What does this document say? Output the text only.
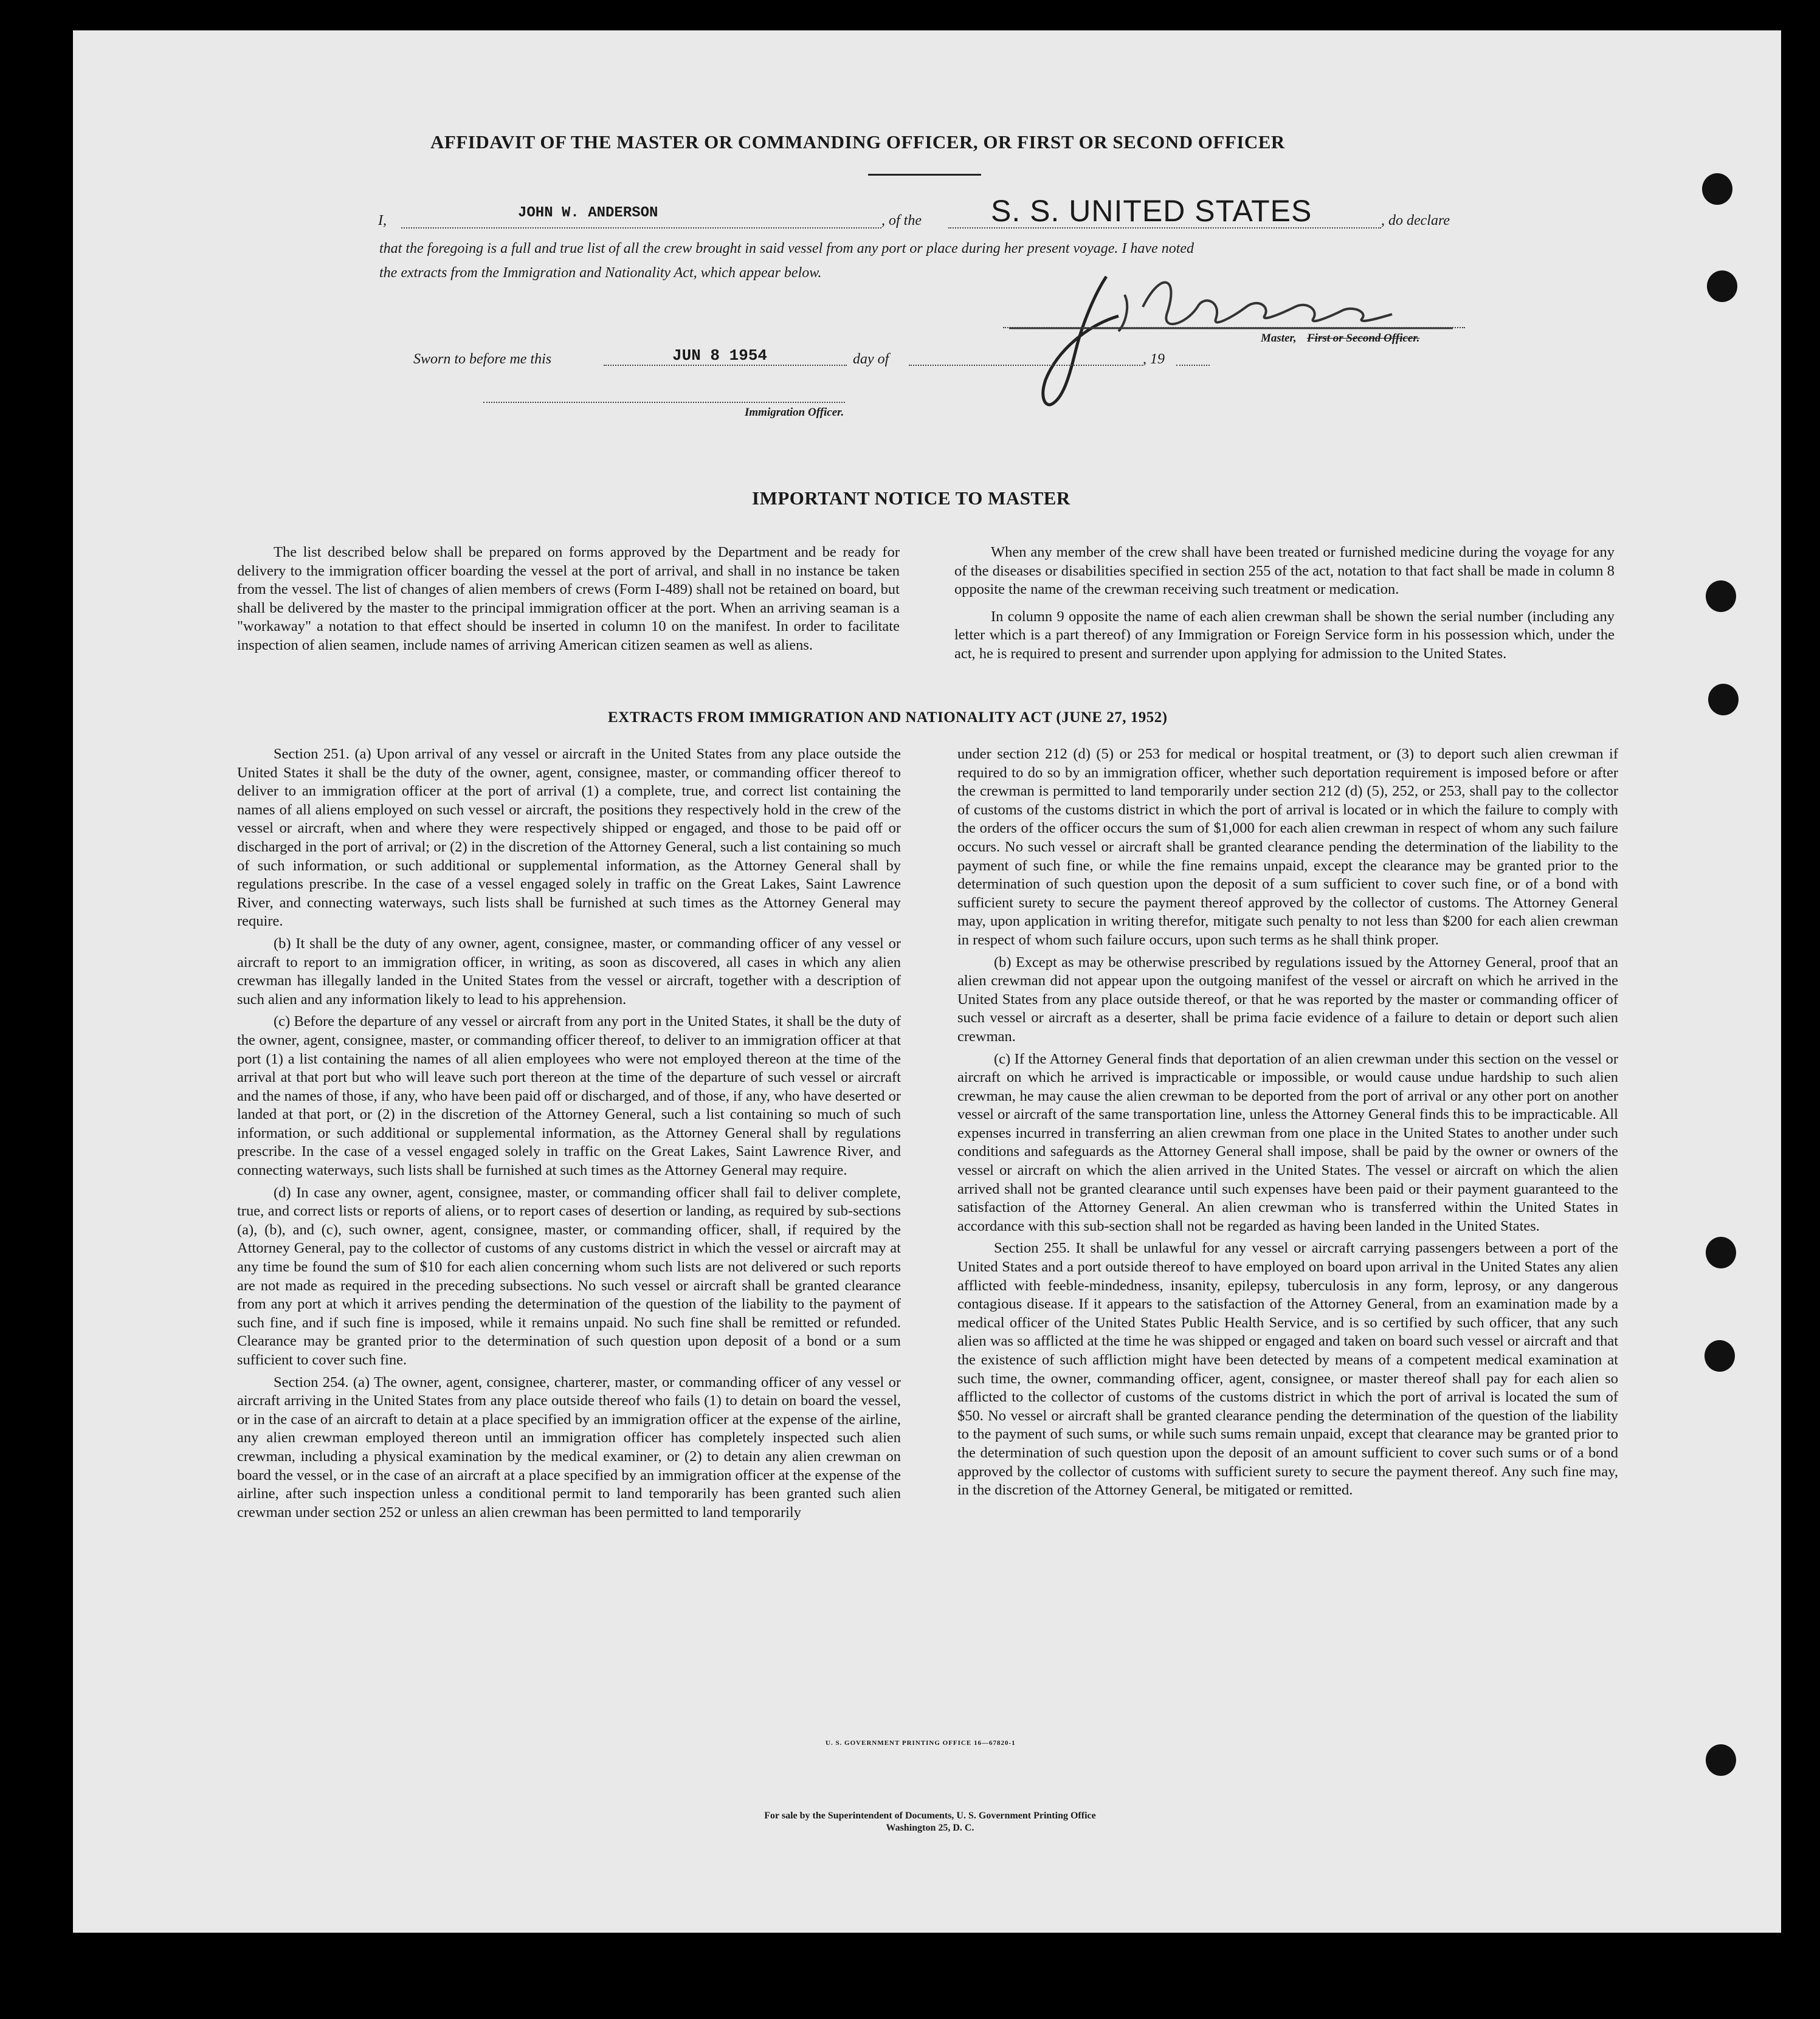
AFFIDAVIT OF THE MASTER OR COMMANDING OFFICER, OR FIRST OR SECOND OFFICER
I,	JOHN W. ANDERSON	, of the S. S. UNITED STATES	, do declare
that the foregoing is a full and true list of all the crew brought in said vessel from any port or place during her present voyage. I have noted
the extracts from the Immigration and Nationality Act, which appear below.
Master, First or Second Officer.
Sworn to before me this	JUN 8 1954	day of	, 19
Immigration Officer.
IMPORTANT NOTICE TO MASTER

The list described below shall be prepared on forms approved by the Department and be ready for delivery to the immigration officer boarding the vessel at the port of arrival, and shall in no instance be taken from the vessel. The list of changes of alien members of crews (Form I-489) shall not be retained on board, but shall be delivered by the master to the principal immigration officer at the port. When an arriving seaman is a "workaway" a notation to that effect should be inserted in column 10 on the manifest. In order to facilitate inspection of alien seamen, include names of arriving American citizen seamen as well as aliens.

When any member of the crew shall have been treated or furnished medicine during the voyage for any of the diseases or disabilities specified in section 255 of the act, notation to that fact shall be made in column 8 opposite the name of the crewman receiving such treatment or medication.

In column 9 opposite the name of each alien crewman shall be shown the serial number (including any letter which is a part thereof) of any Immigration or Foreign Service form in his possession which, under the act, he is required to present and surrender upon applying for admission to the United States.

EXTRACTS FROM IMMIGRATION AND NATIONALITY ACT (JUNE 27, 1952)

Section 251. (a) Upon arrival of any vessel or aircraft in the United States from any place outside the United States it shall be the duty of the owner, agent, consignee, master, or commanding officer thereof to deliver to an immigration officer at the port of arrival (1) a complete, true, and correct list containing the names of all aliens employed on such vessel or aircraft, the positions they respectively hold in the crew of the vessel or aircraft, when and where they were respectively shipped or engaged, and those to be paid off or discharged in the port of arrival; or (2) in the discretion of the Attorney General, such a list containing so much of such information, or such additional or supplemental information, as the Attorney General shall by regulations prescribe. In the case of a vessel engaged solely in traffic on the Great Lakes, Saint Lawrence River, and connecting waterways, such lists shall be furnished at such times as the Attorney General may require.

(b) It shall be the duty of any owner, agent, consignee, master, or commanding officer of any vessel or aircraft to report to an immigration officer, in writing, as soon as discovered, all cases in which any alien crewman has illegally landed in the United States from the vessel or aircraft, together with a description of such alien and any information likely to lead to his apprehension.

(c) Before the departure of any vessel or aircraft from any port in the United States, it shall be the duty of the owner, agent, consignee, master, or commanding officer thereof, to deliver to an immigration officer at that port (1) a list containing the names of all alien employees who were not employed thereon at the time of the arrival at that port but who will leave such port thereon at the time of the departure of such vessel or aircraft and the names of those, if any, who have been paid off or discharged, and of those, if any, who have deserted or landed at that port, or (2) in the discretion of the Attorney General, such a list containing so much of such information, or such additional or supplemental information, as the Attorney General shall by regulations prescribe. In the case of a vessel engaged solely in traffic on the Great Lakes, Saint Lawrence River, and connecting waterways, such lists shall be furnished at such times as the Attorney General may require.

(d) In case any owner, agent, consignee, master, or commanding officer shall fail to deliver complete, true, and correct lists or reports of aliens, or to report cases of desertion or landing, as required by sub-sections (a), (b), and (c), such owner, agent, consignee, master, or commanding officer, shall, if required by the Attorney General, pay to the collector of customs of any customs district in which the vessel or aircraft may at any time be found the sum of $10 for each alien concerning whom such lists are not delivered or such reports are not made as required in the preceding subsections. No such vessel or aircraft shall be granted clearance from any port at which it arrives pending the determination of the question of the liability to the payment of such fine, and if such fine is imposed, while it remains unpaid. No such fine shall be remitted or refunded. Clearance may be granted prior to the determination of such question upon deposit of a bond or a sum sufficient to cover such fine.

Section 254. (a) The owner, agent, consignee, charterer, master, or commanding officer of any vessel or aircraft arriving in the United States from any place outside thereof who fails (1) to detain on board the vessel, or in the case of an aircraft to detain at a place specified by an immigration officer at the expense of the airline, any alien crewman employed thereon until an immigration officer has completely inspected such alien crewman, including a physical examination by the medical examiner, or (2) to detain any alien crewman on board the vessel, or in the case of an aircraft at a place specified by an immigration officer at the expense of the airline, after such inspection unless a conditional permit to land temporarily has been granted such alien crewman under section 252 or unless an alien crewman has been permitted to land temporarily

under section 212 (d) (5) or 253 for medical or hospital treatment, or (3) to deport such alien crewman if required to do so by an immigration officer, whether such deportation requirement is imposed before or after the crewman is permitted to land temporarily under section 212 (d) (5), 252, or 253, shall pay to the collector of customs of the customs district in which the port of arrival is located or in which the failure to comply with the orders of the officer occurs the sum of $1,000 for each alien crewman in respect of whom any such failure occurs. No such vessel or aircraft shall be granted clearance pending the determination of the liability to the payment of such fine, or while the fine remains unpaid, except the clearance may be granted prior to the determination of such question upon the deposit of a sum sufficient to cover such fine, or of a bond with sufficient surety to secure the payment thereof approved by the collector of customs. The Attorney General may, upon application in writing therefor, mitigate such penalty to not less than $200 for each alien crewman in respect of whom such failure occurs, upon such terms as he shall think proper.

(b) Except as may be otherwise prescribed by regulations issued by the Attorney General, proof that an alien crewman did not appear upon the outgoing manifest of the vessel or aircraft on which he arrived in the United States from any place outside thereof, or that he was reported by the master or commanding officer of such vessel or aircraft as a deserter, shall be prima facie evidence of a failure to detain or deport such alien crewman.

(c) If the Attorney General finds that deportation of an alien crewman under this section on the vessel or aircraft on which he arrived is impracticable or impossible, or would cause undue hardship to such alien crewman, he may cause the alien crewman to be deported from the port of arrival or any other port on another vessel or aircraft of the same transportation line, unless the Attorney General finds this to be impracticable. All expenses incurred in transferring an alien crewman from one place in the United States to another under such conditions and safeguards as the Attorney General shall impose, shall be paid by the owner or owners of the vessel or aircraft on which the alien arrived in the United States. The vessel or aircraft on which the alien arrived shall not be granted clearance until such expenses have been paid or their payment guaranteed to the satisfaction of the Attorney General. An alien crewman who is transferred within the United States in accordance with this sub-section shall not be regarded as having been landed in the United States.

Section 255. It shall be unlawful for any vessel or aircraft carrying passengers between a port of the United States and a port outside thereof to have employed on board upon arrival in the United States any alien afflicted with feeble-mindedness, insanity, epilepsy, tuberculosis in any form, leprosy, or any dangerous contagious disease. If it appears to the satisfaction of the Attorney General, from an examination made by a medical officer of the United States Public Health Service, and is so certified by such officer, that any such alien was so afflicted at the time he was shipped or engaged and taken on board such vessel or aircraft and that the existence of such affliction might have been detected by means of a competent medical examination at such time, the owner, commanding officer, agent, consignee, or master thereof shall pay for each alien so afflicted to the collector of customs of the customs district in which the port of arrival is located the sum of $50. No vessel or aircraft shall be granted clearance pending the determination of the question of the liability to the payment of such sums, or while such sums remain unpaid, except that clearance may be granted prior to the determination of such question upon the deposit of an amount sufficient to cover such sums or of a bond approved by the collector of customs with sufficient surety to secure the payment thereof. Any such fine may, in the discretion of the Attorney General, be mitigated or remitted.

U. S. GOVERNMENT PRINTING OFFICE 16—67820-1
For sale by the Superintendent of Documents, U. S. Government Printing Office
Washington 25, D. C.
